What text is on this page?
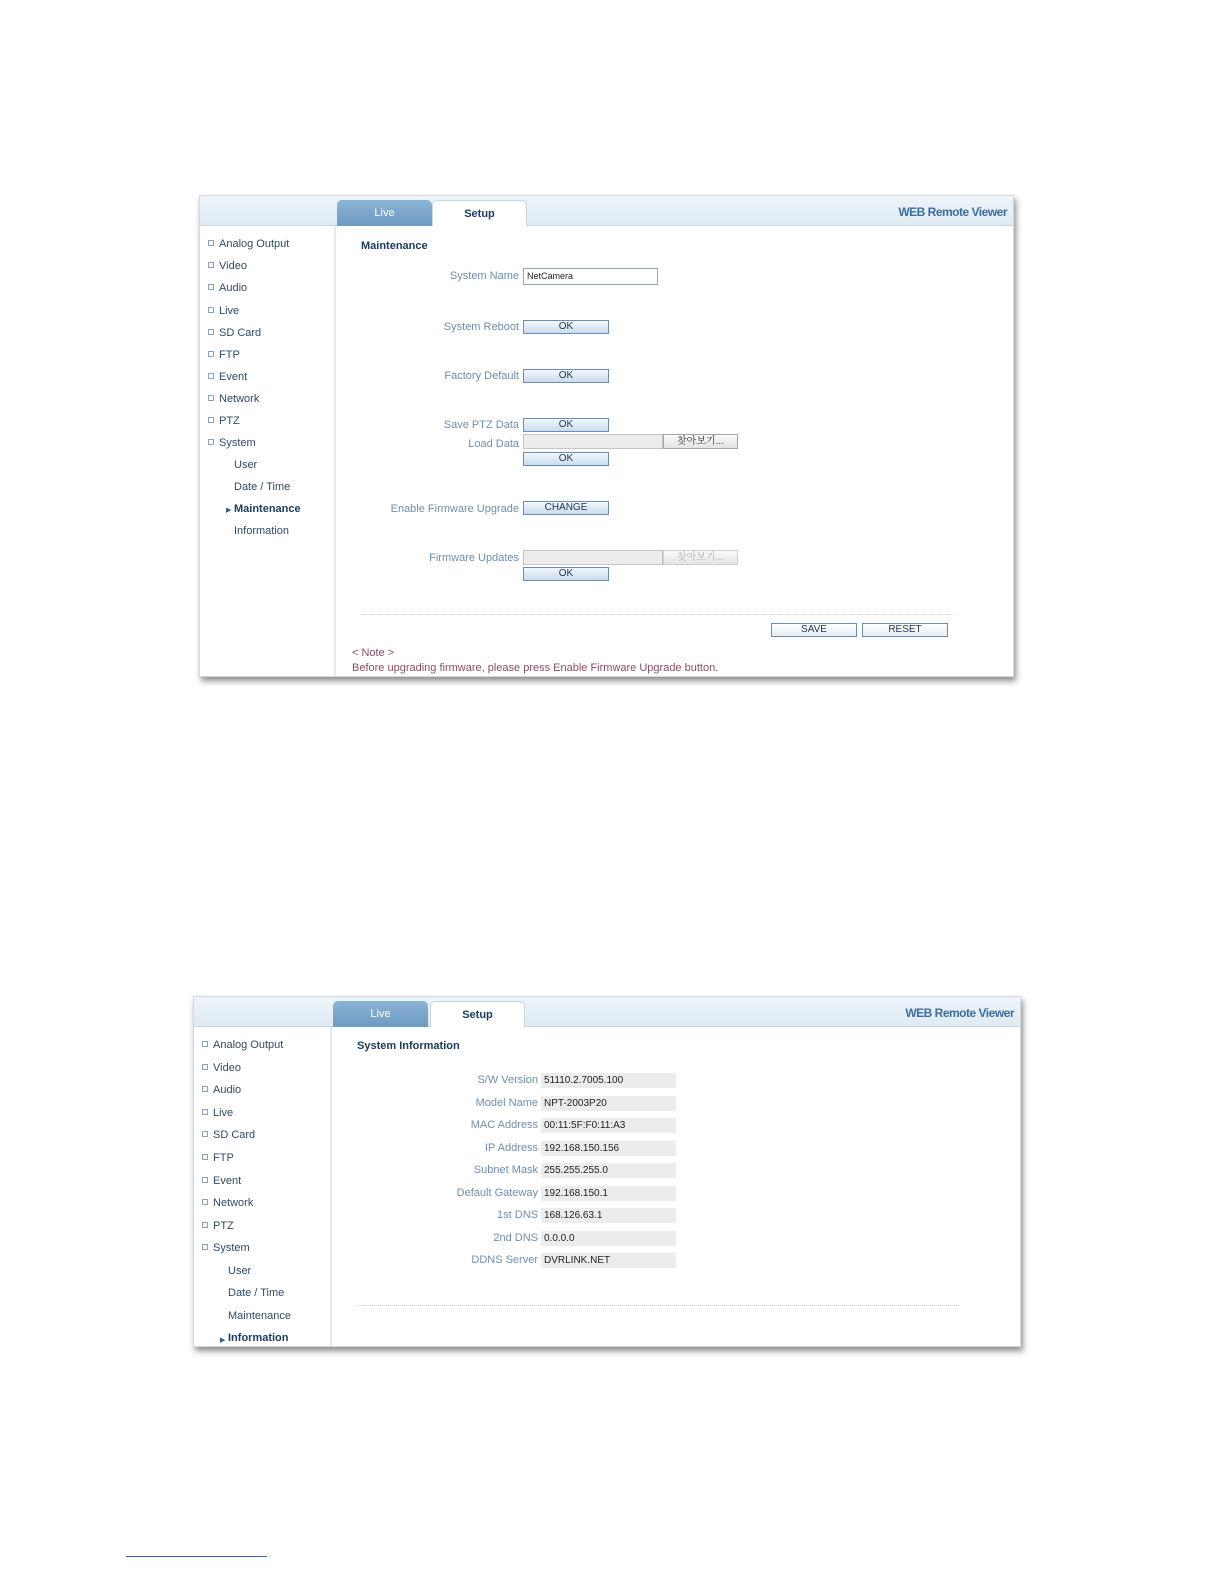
Live	Setup	WEB Remote Viewer
Analog Output
Video
Audio
Live
SD Card
FTP
Event
Network
PTZ
System
User
Date / Time
▶ Maintenance
Information
Maintenance
System Name NetCamera
System Reboot	OK
Factory Default	OK
Save PTZ Data	OK
Load Data	찾아보기...
OK
Enable Firmware Upgrade	CHANGE
Firmware Updates	찾아보기...
OK
SAVE	RESET
< Note >
Before upgrading firmware, please press Enable Firmware Upgrade button.
Live	Setup	WEB Remote Viewer
Analog Output
Video
Audio
Live
SD Card
FTP
Event
Network
PTZ
System
User
Date / Time
Maintenance
▶ Information
System Information
S/W Version 51110.2.7005.100
Model Name NPT-2003P20
MAC Address 00:11:5F:F0:11:A3
IP Address 192.168.150.156
Subnet Mask 255.255.255.0
Default Gateway 192.168.150.1
1st DNS 168.126.63.1
2nd DNS 0.0.0.0
DDNS Server DVRLINK.NET
